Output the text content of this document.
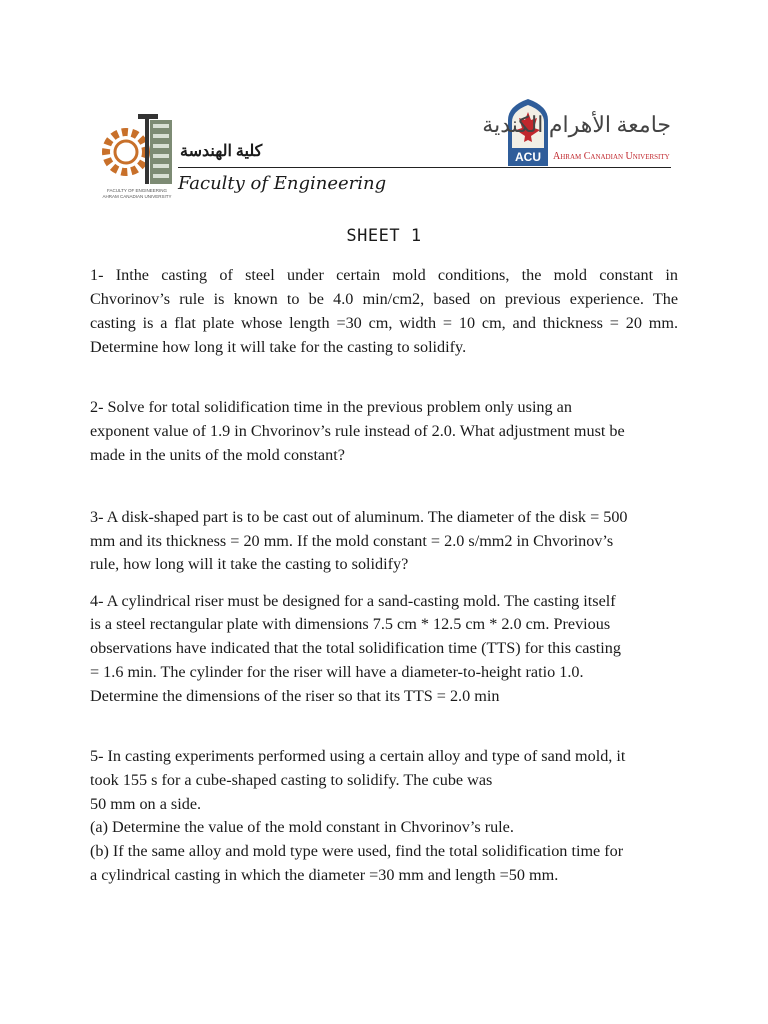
FACULTY OF ENGINEERING
AHRAM CANADIAN UNIVERSITY
كلية الهندسة
Faculty of Engineering
ACU
جامعة الأهرام الكندية
Ahram Canadian University
SHEET 1
1- Inthe casting of steel under certain mold conditions, the mold constant in
Chvorinov’s rule is known to be 4.0 min/cm2, based on previous experience. The
casting is a flat plate whose length =30 cm, width = 10 cm, and thickness = 20 mm.
Determine how long it will take for the casting to solidify.
2- Solve for total solidification time in the previous problem only using an
exponent value of 1.9 in Chvorinov’s rule instead of 2.0. What adjustment must be
made in the units of the mold constant?
3- A disk-shaped part is to be cast out of aluminum. The diameter of the disk = 500
mm and its thickness = 20 mm. If the mold constant = 2.0 s/mm2 in Chvorinov’s
rule, how long will it take the casting to solidify?
4- A cylindrical riser must be designed for a sand-casting mold. The casting itself
is a steel rectangular plate with dimensions 7.5 cm * 12.5 cm * 2.0 cm. Previous
observations have indicated that the total solidification time (TTS) for this casting
= 1.6 min. The cylinder for the riser will have a diameter-to-height ratio 1.0.
Determine the dimensions of the riser so that its TTS = 2.0 min
5- In casting experiments performed using a certain alloy and type of sand mold, it
took 155 s for a cube-shaped casting to solidify. The cube was
50 mm on a side.
(a) Determine the value of the mold constant in Chvorinov’s rule.
(b) If the same alloy and mold type were used, find the total solidification time for
a cylindrical casting in which the diameter =30 mm and length =50 mm.
